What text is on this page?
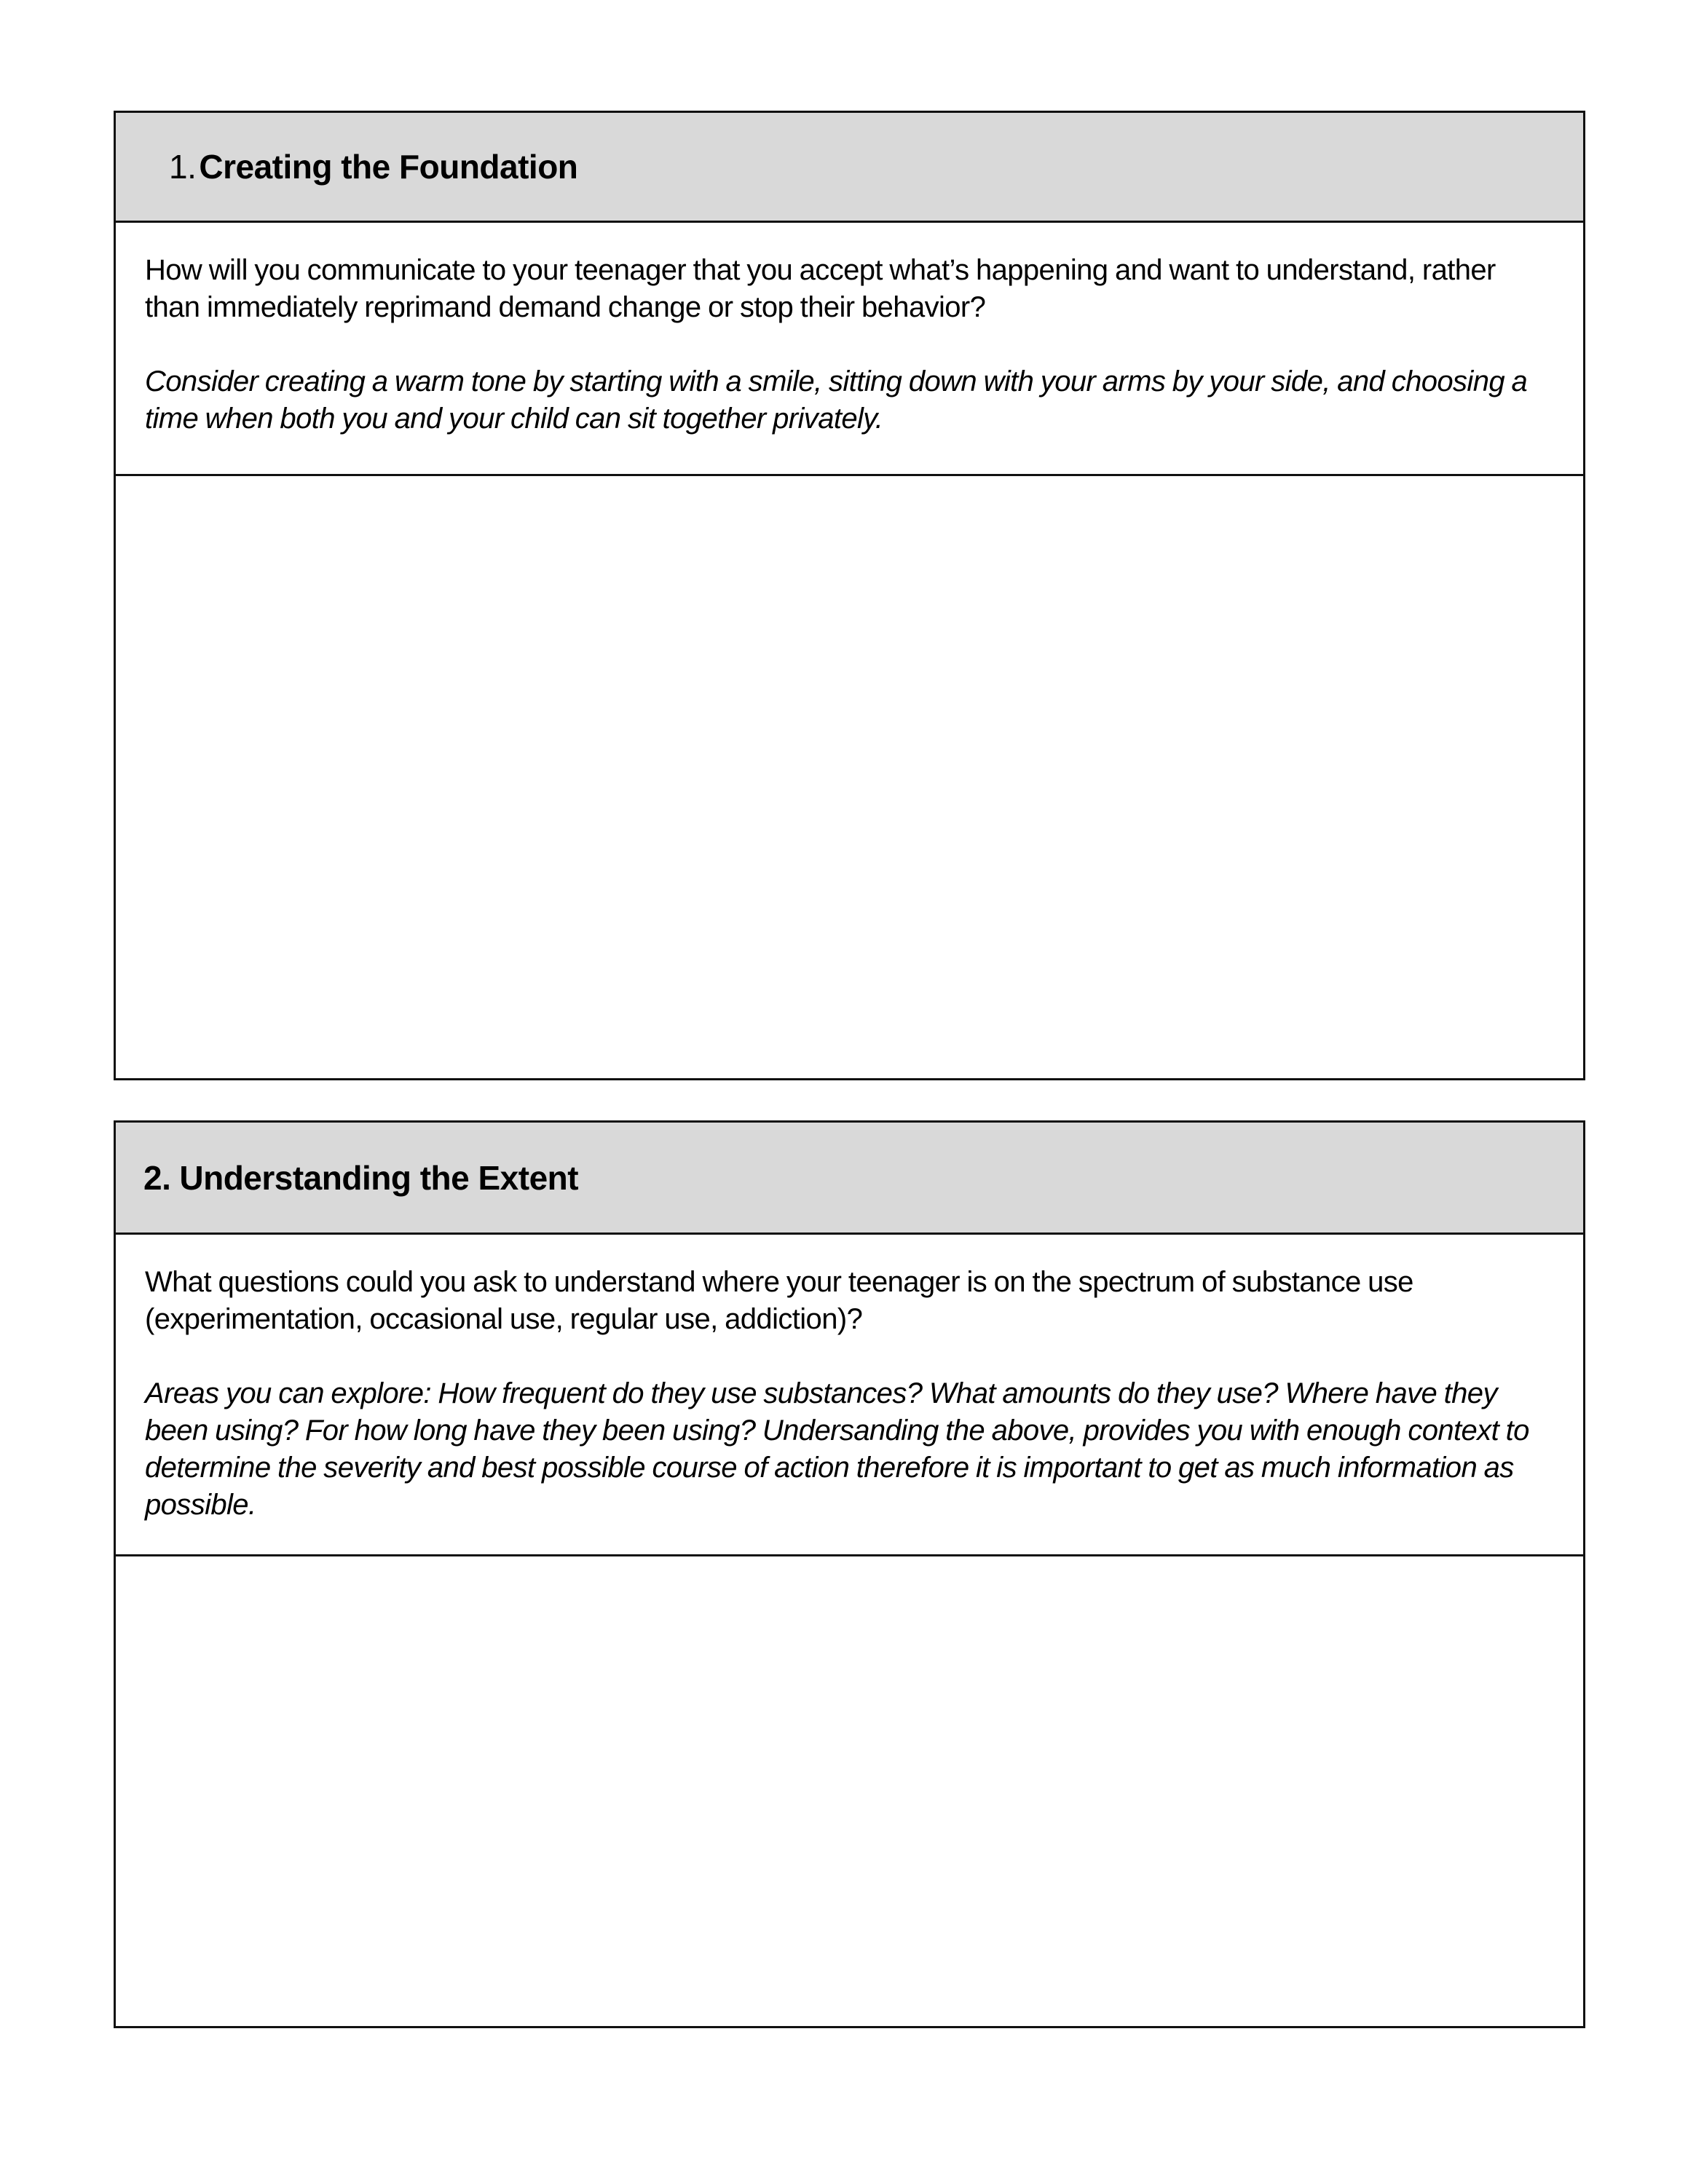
1. Creating the Foundation

How will you communicate to your teenager that you accept what’s happening and want to understand, rather than immediately reprimand demand change or stop their behavior?

Consider creating a warm tone by starting with a smile, sitting down with your arms by your side, and choosing a time when both you and your child can sit together privately.

2. Understanding the Extent

What questions could you ask to understand where your teenager is on the spectrum of substance use (experimentation, occasional use, regular use, addiction)?

Areas you can explore: How frequent do they use substances? What amounts do they use? Where have they been using? For how long have they been using? Undersanding the above, provides you with enough context to determine the severity and best possible course of action therefore it is important to get as much information as possible.
